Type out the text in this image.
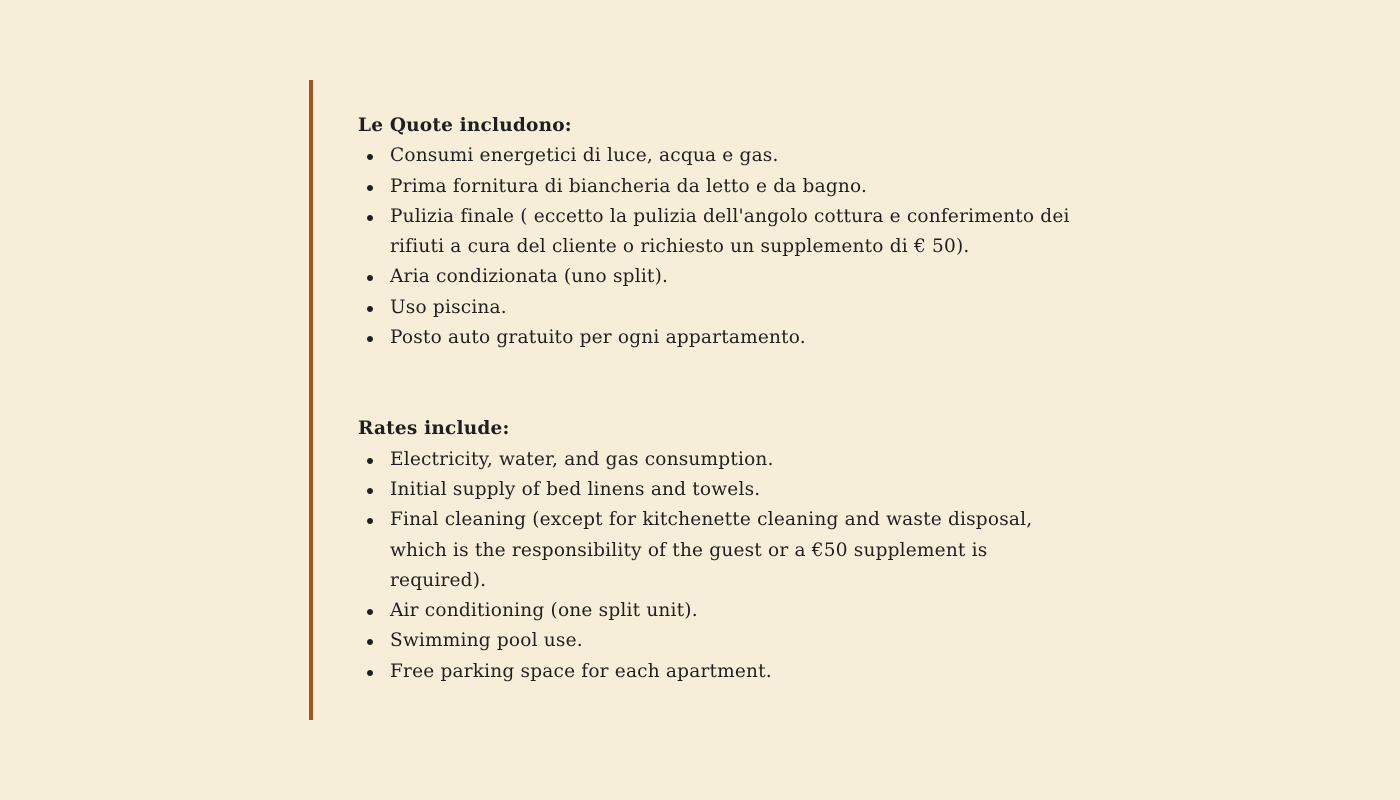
Le Quote includono:

Consumi energetici di luce, acqua e gas.
Prima fornitura di biancheria da letto e da bagno.
Pulizia finale ( eccetto la pulizia dell'angolo cottura e conferimento dei rifiuti a cura del cliente o richiesto un supplemento di € 50).
Aria condizionata (uno split).
Uso piscina.
Posto auto gratuito per ogni appartamento.

Rates include:

Electricity, water, and gas consumption.
Initial supply of bed linens and towels.
Final cleaning (except for kitchenette cleaning and waste disposal, which is the responsibility of the guest or a €50 supplement is required).
Air conditioning (one split unit).
Swimming pool use.
Free parking space for each apartment.
